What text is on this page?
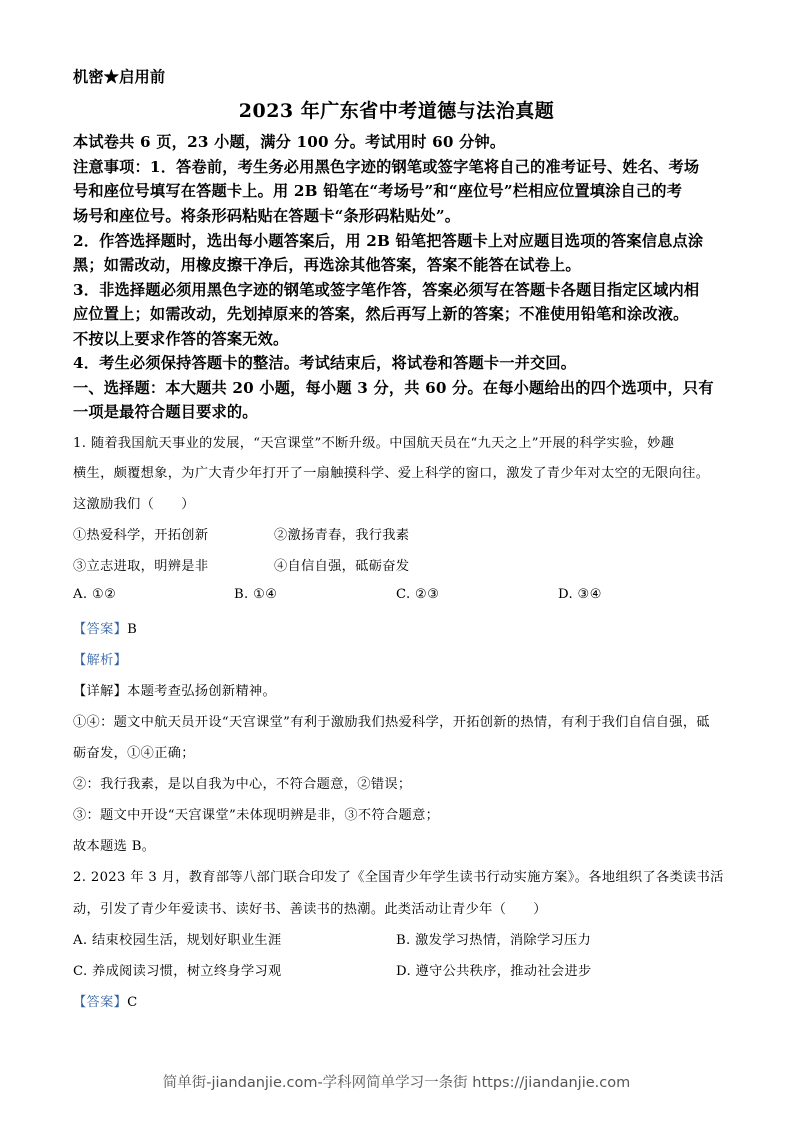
机密★启用前
2023 年广东省中考道德与法治真题
本试卷共 6 页，23 小题，满分 100 分。考试用时 60 分钟。
注意事项：1．答卷前，考生务必用黑色字迹的钢笔或签字笔将自己的准考证号、姓名、考场
号和座位号填写在答题卡上。用 2B 铅笔在“考场号”和“座位号”栏相应位置填涂自己的考
场号和座位号。将条形码粘贴在答题卡“条形码粘贴处”。
2．作答选择题时，选出每小题答案后，用 2B 铅笔把答题卡上对应题目选项的答案信息点涂
黑；如需改动，用橡皮擦干净后，再选涂其他答案，答案不能答在试卷上。
3．非选择题必须用黑色字迹的钢笔或签字笔作答，答案必须写在答题卡各题目指定区域内相
应位置上；如需改动，先划掉原来的答案，然后再写上新的答案；不准使用铅笔和涂改液。
不按以上要求作答的答案无效。
4．考生必须保持答题卡的整洁。考试结束后，将试卷和答题卡一并交回。
一、选择题：本大题共 20 小题，每小题 3 分，共 60 分。在每小题给出的四个选项中，只有
一项是最符合题目要求的。
1. 随着我国航天事业的发展，“天宫课堂”不断升级。中国航天员在“九天之上”开展的科学实验，妙趣
横生，颇覆想象，为广大青少年打开了一扇触摸科学、爱上科学的窗口，激发了青少年对太空的无限向往。
这激励我们（　　）
①热爱科学，开拓创新	②激扬青春，我行我素
③立志进取，明辨是非	④自信自强，砥砺奋发
A. ①②	B. ①④	C. ②③	D. ③④
【答案】B
【解析】
【详解】本题考查弘扬创新精神。
①④：题文中航天员开设“天宫课堂”有利于激励我们热爱科学，开拓创新的热情，有利于我们自信自强，砥
砺奋发，①④正确；
②：我行我素，是以自我为中心，不符合题意，②错误；
③：题文中开设“天宫课堂”未体现明辨是非，③不符合题意；
故本题选 B。
2. 2023 年 3 月，教育部等八部门联合印发了《全国青少年学生读书行动实施方案》。各地组织了各类读书活
动，引发了青少年爱读书、读好书、善读书的热潮。此类活动让青少年（　　）
A. 结束校园生活，规划好职业生涯	B. 激发学习热情，消除学习压力
C. 养成阅读习惯，树立终身学习观	D. 遵守公共秩序，推动社会进步
【答案】C
简单街-jiandanjie.com-学科网简单学习一条街 https://jiandanjie.com
